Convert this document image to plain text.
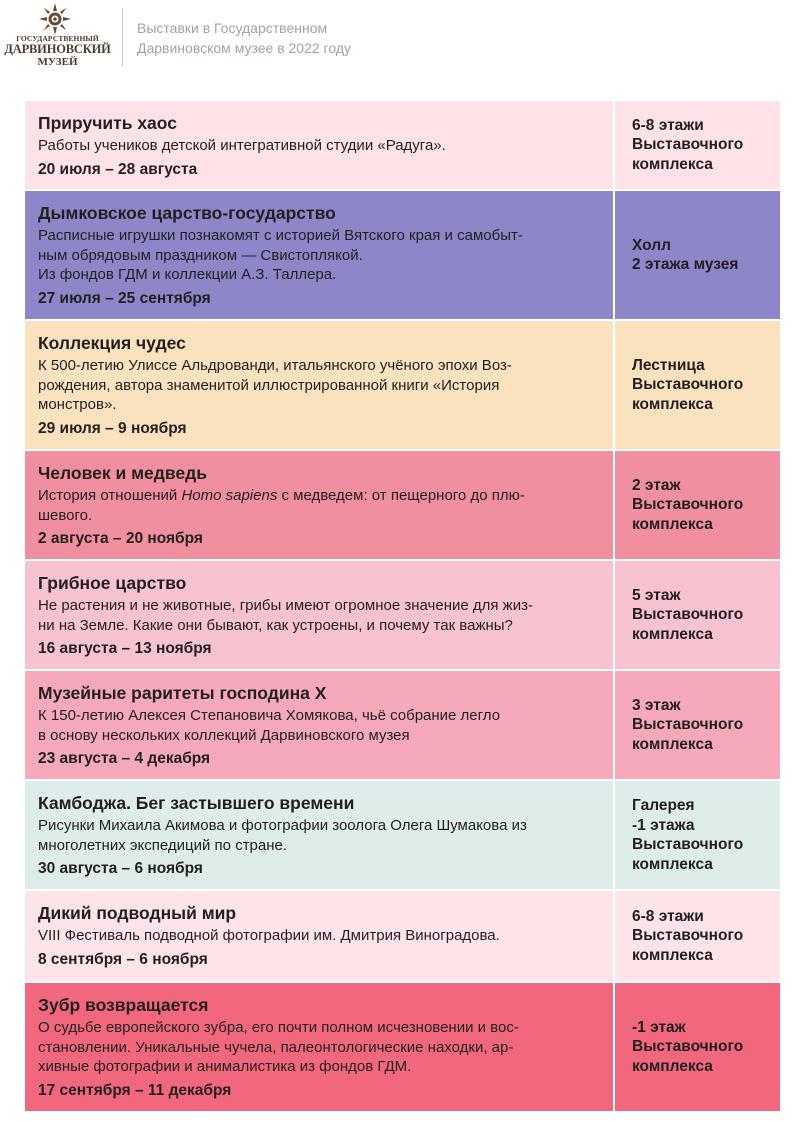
ГОСУДАРСТВЕННЫЙ
ДАРВИНОВСКИЙ
МУЗЕЙ
Выставки в Государственном
Дарвиновском музее в 2022 году
Приручить хаос
Работы учеников детской интегративной студии «Радуга».
20 июля – 28 августа
6-8 этажи
Выставочного
комплекса
Дымковское царство-государство
Расписные игрушки познакомят с историей Вятского края и самобыт-
ным обрядовым праздником — Свистоплякой.
Из фондов ГДМ и коллекции А.З. Таллера.
27 июля – 25 сентября
Холл
2 этажа музея
Коллекция чудес
К 500-летию Улиссе Альдрованди, итальянского учёного эпохи Воз-
рождения, автора знаменитой иллюстрированной книги «История
монстров».
29 июля – 9 ноября
Лестница
Выставочного
комплекса
Человек и медведь
История отношений Homo sapiens с медведем: от пещерного до плю-
шевого.
2 августа – 20 ноября
2 этаж
Выставочного
комплекса
Грибное царство
Не растения и не животные, грибы имеют огромное значение для жиз-
ни на Земле. Какие они бывают, как устроены, и почему так важны?
16 августа – 13 ноября
5 этаж
Выставочного
комплекса
Музейные раритеты господина Х
К 150-летию Алексея Степановича Хомякова, чьё собрание легло
в основу нескольких коллекций Дарвиновского музея
23 августа – 4 декабря
3 этаж
Выставочного
комплекса
Камбоджа. Бег застывшего времени
Рисунки Михаила Акимова и фотографии зоолога Олега Шумакова из
многолетних экспедиций по стране.
30 августа – 6 ноября
Галерея
-1 этажа
Выставочного
комплекса
Дикий подводный мир
VIII Фестиваль подводной фотографии им. Дмитрия Виноградова.
8 сентября – 6 ноября
6-8 этажи
Выставочного
комплекса
Зубр возвращается
О судьбе европейского зубра, его почти полном исчезновении и вос-
становлении. Уникальные чучела, палеонтологические находки, ар-
хивные фотографии и анималистика из фондов ГДМ.
17 сентября – 11 декабря
-1 этаж
Выставочного
комплекса
